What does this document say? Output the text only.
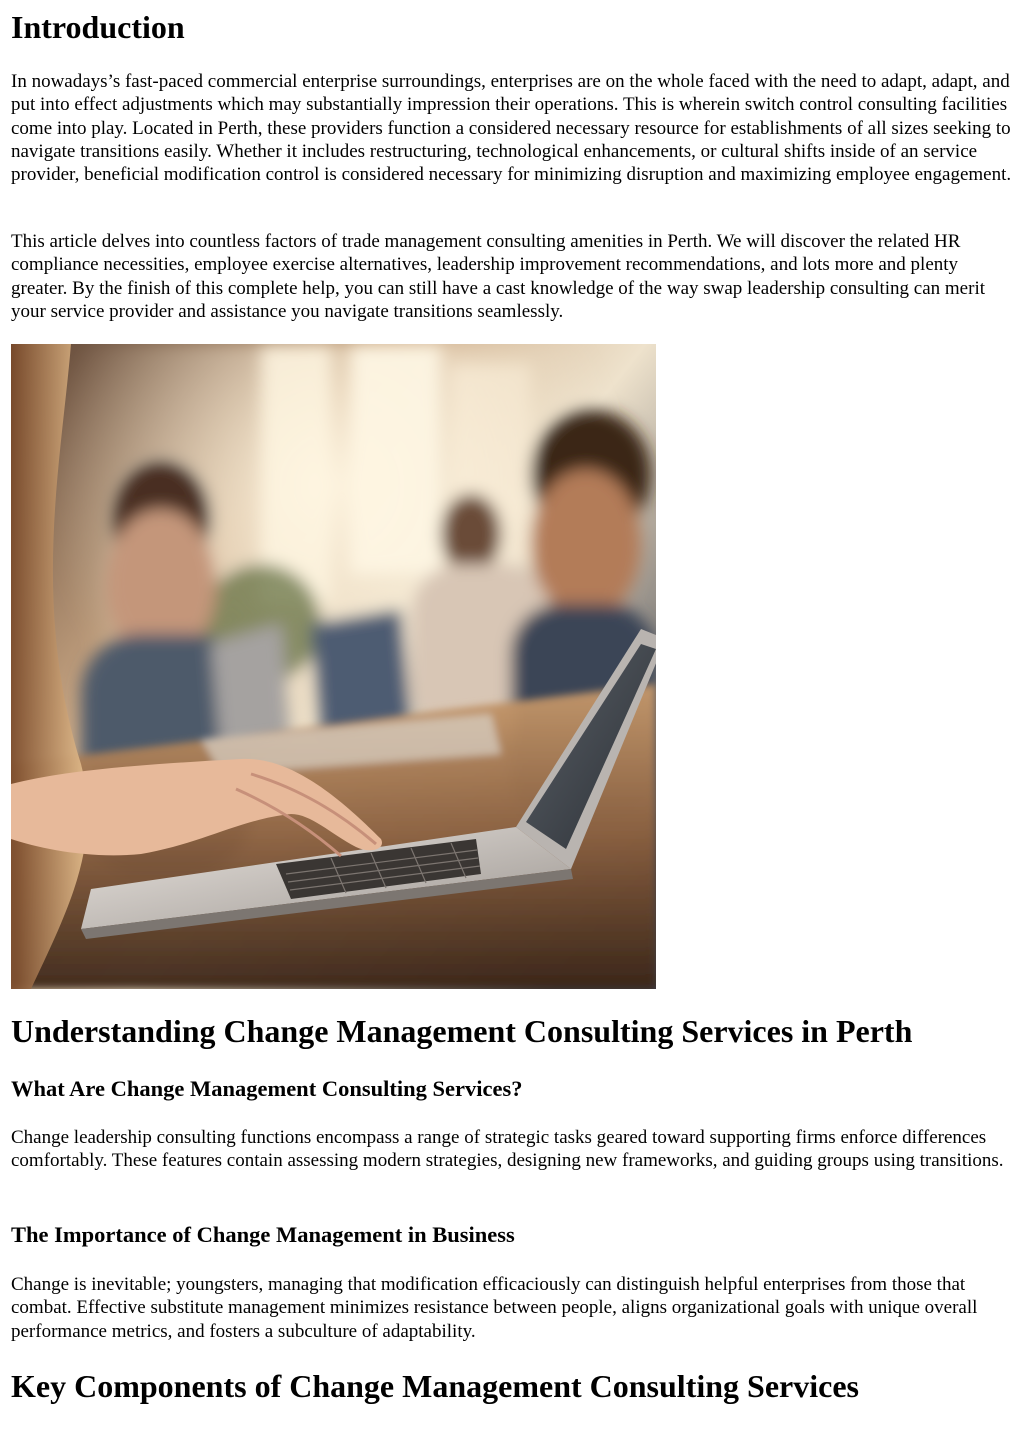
Introduction

In nowadays’s fast-paced commercial enterprise surroundings, enterprises are on the whole faced with the need to adapt, adapt, and put into effect adjustments which may substantially impression their operations. This is wherein switch control consulting facilities come into play. Located in Perth, these providers function a considered necessary resource for establishments of all sizes seeking to navigate transitions easily. Whether it includes restructuring, technological enhancements, or cultural shifts inside of an service provider, beneficial modification control is considered necessary for minimizing disruption and maximizing employee engagement.

This article delves into countless factors of trade management consulting amenities in Perth. We will discover the related HR compliance necessities, employee exercise alternatives, leadership improvement recommendations, and lots more and plenty greater. By the finish of this complete help, you can still have a cast knowledge of the way swap leadership consulting can merit your service provider and assistance you navigate transitions seamlessly.

Understanding Change Management Consulting Services in Perth
What Are Change Management Consulting Services?

Change leadership consulting functions encompass a range of strategic tasks geared toward supporting firms enforce differences comfortably. These features contain assessing modern strategies, designing new frameworks, and guiding groups using transitions.

The Importance of Change Management in Business

Change is inevitable; youngsters, managing that modification efficaciously can distinguish helpful enterprises from those that combat. Effective substitute management minimizes resistance between people, aligns organizational goals with unique overall performance metrics, and fosters a subculture of adaptability.

Key Components of Change Management Consulting Services
